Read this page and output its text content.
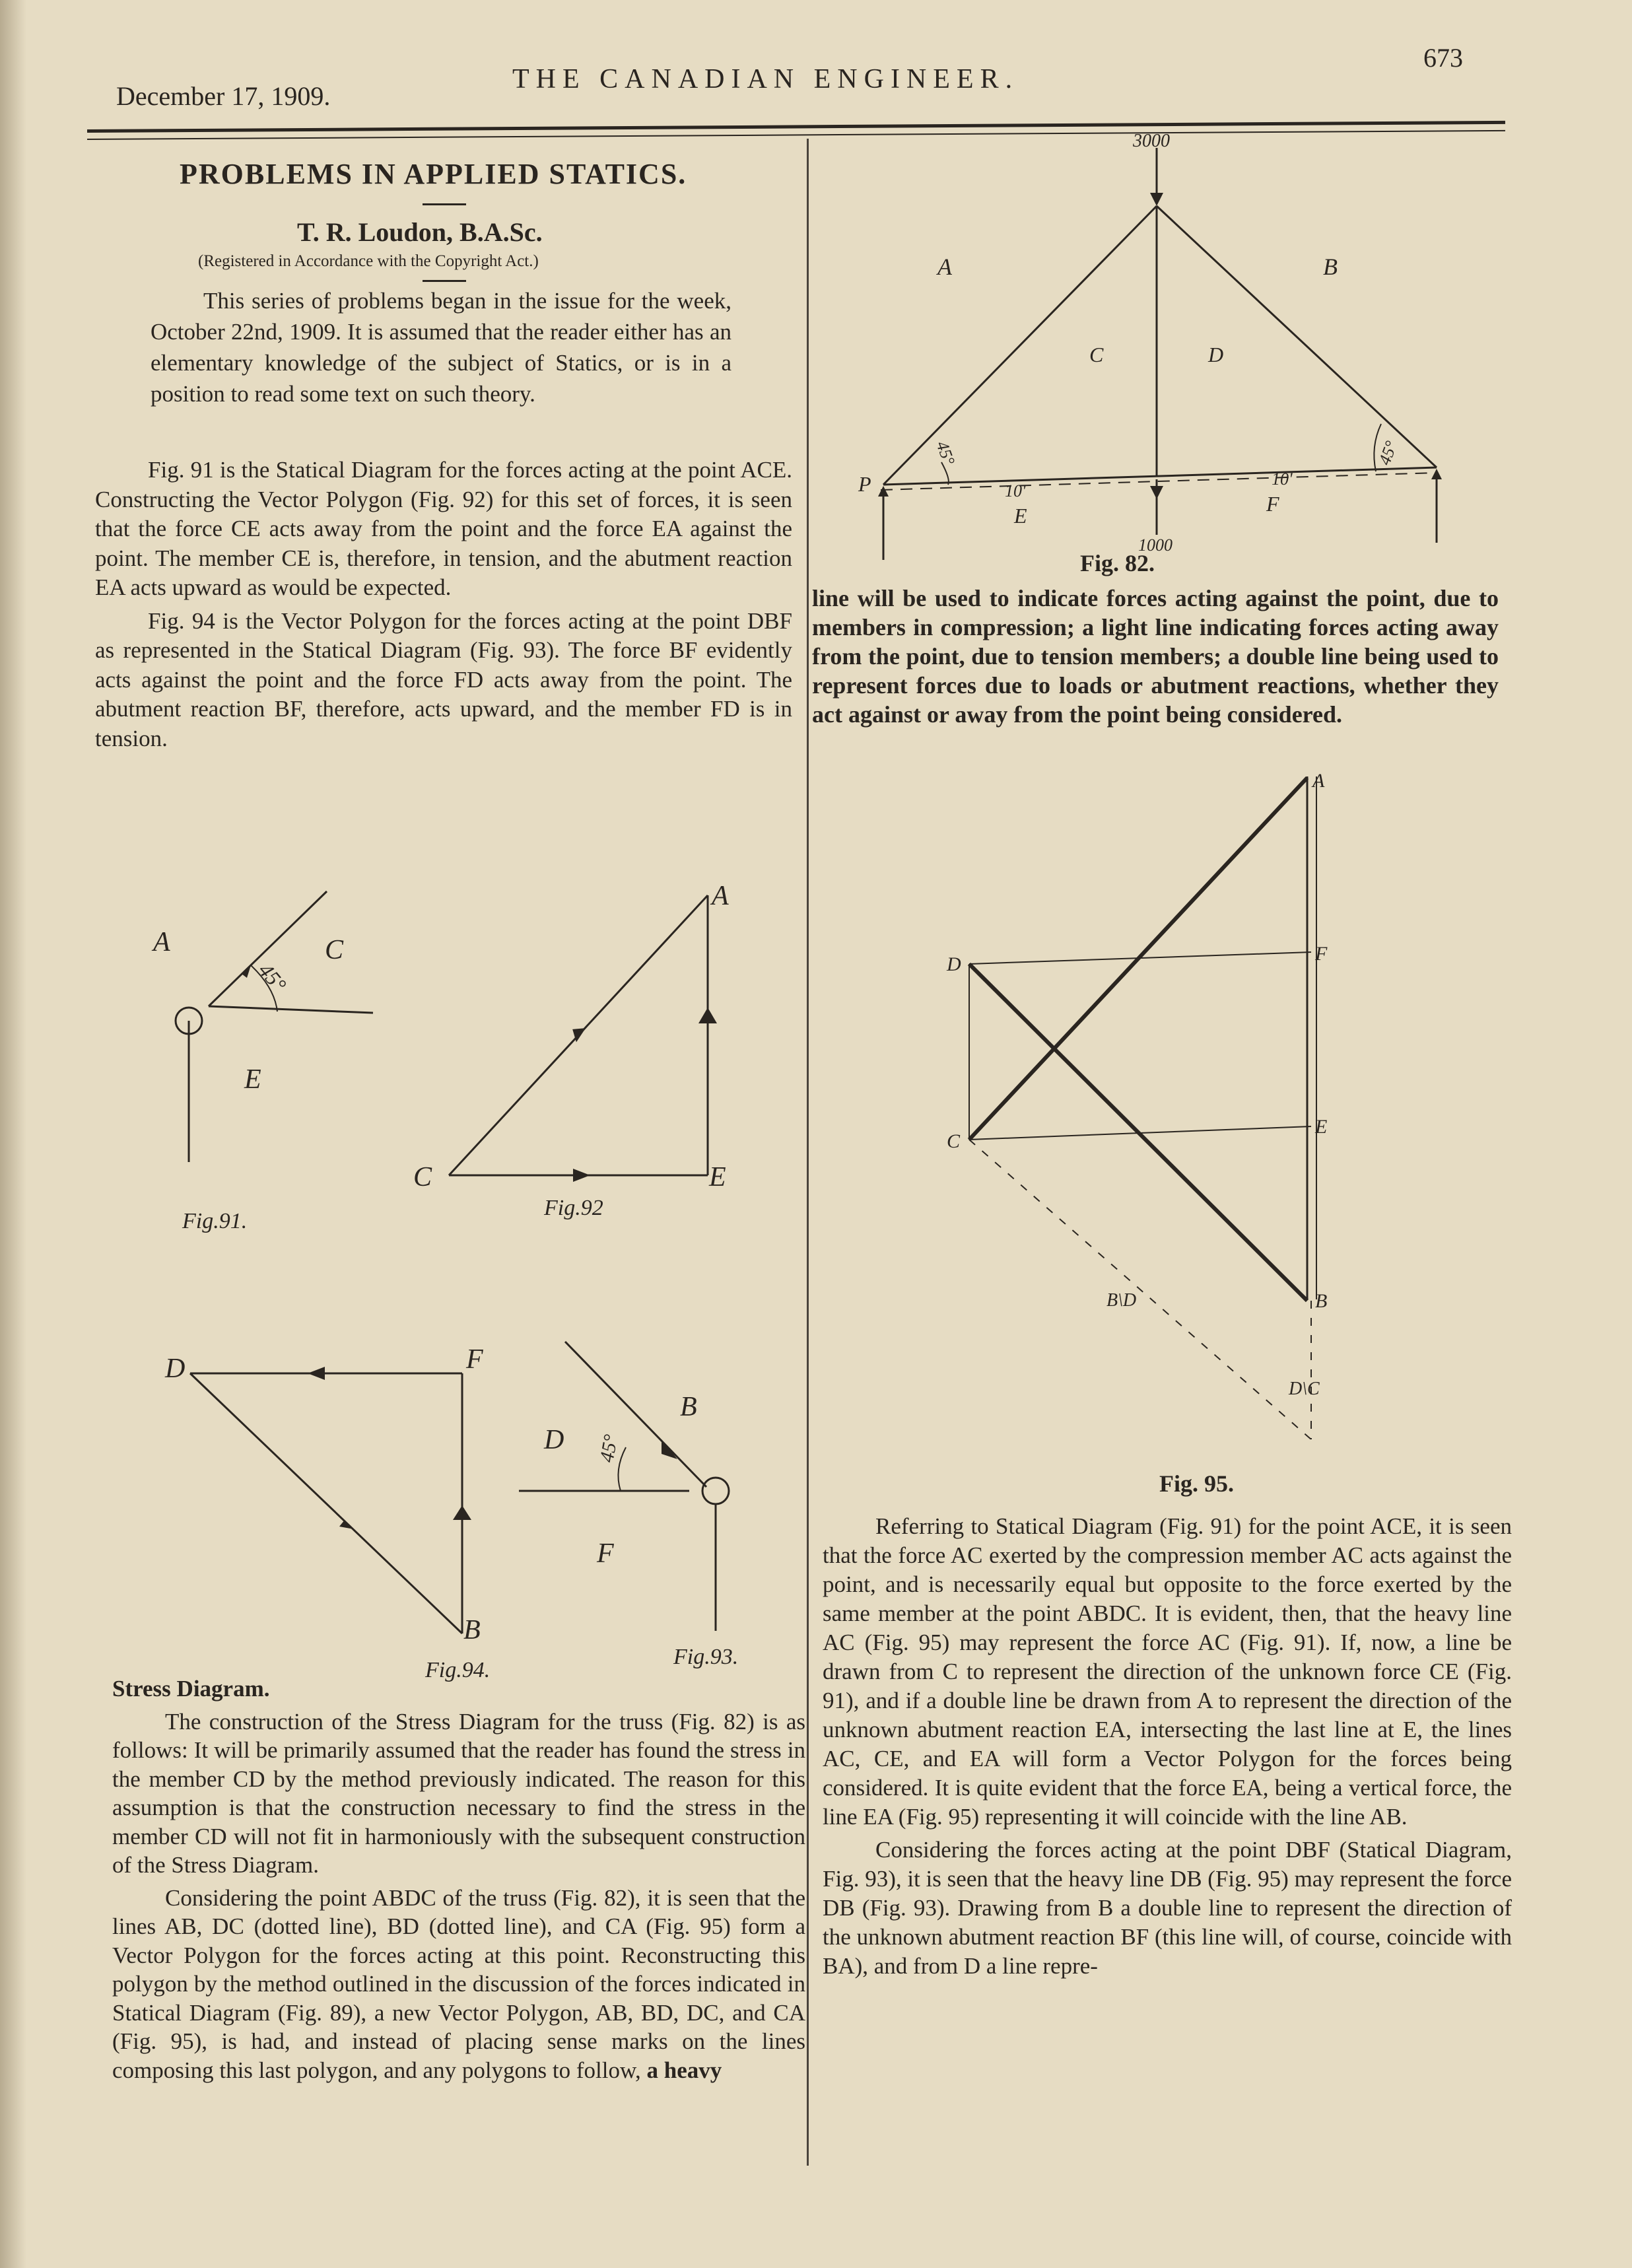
December 17, 1909.
THE CANADIAN ENGINEER.
673
PROBLEMS IN APPLIED STATICS.
T. R. Loudon, B.A.Sc.
(Registered in Accordance with the Copyright Act.)

This series of problems began in the issue for the week, October 22nd, 1909. It is assumed that the reader either has an elementary knowledge of the subject of Statics, or is in a position to read some text on such theory.

Fig. 91 is the Statical Diagram for the forces acting at the point ACE. Constructing the Vector Polygon (Fig. 92) for this set of forces, it is seen that the force CE acts away from the point and the force EA against the point. The member CE is, therefore, in tension, and the abutment reaction EA acts upward as would be expected.

Fig. 94 is the Vector Polygon for the forces acting at the point DBF as represented in the Statical Diagram (Fig. 93). The force BF evidently acts against the point and the force FD acts away from the point. The abutment reaction BF, therefore, acts upward, and the member FD is in tension.

A	C
E
45°
Fig.91.
A
C	E
Fig.92
D	F
B
Fig.94.
B
D
F
45°
Fig.93.

Stress Diagram.

The construction of the Stress Diagram for the truss (Fig. 82) is as follows: It will be primarily assumed that the reader has found the stress in the member CD by the method previously indicated. The reason for this assumption is that the construction necessary to find the stress in the member CD will not fit in harmoniously with the subsequent construction of the Stress Diagram.

Considering the point ABDC of the truss (Fig. 82), it is seen that the lines AB, DC (dotted line), BD (dotted line), and CA (Fig. 95) form a Vector Polygon for the forces acting at this point. Reconstructing this polygon by the method outlined in the discussion of the forces indicated in Statical Diagram (Fig. 89), a new Vector Polygon, AB, BD, DC, and CA (Fig. 95), is had, and instead of placing sense marks on the lines composing this last polygon, and any polygons to follow, a heavy

3000
A	B
C	D
P
E	F
10'
10'
45°	45°
1000
Fig. 82.

line will be used to indicate forces acting against the point, due to members in compression; a light line indicating forces acting away from the point, due to tension members; a double line being used to represent forces due to loads or abutment reactions, whether they act against or away from the point being considered.

A
F
D
E
C
B
B\D
D\C
Fig. 95.

Referring to Statical Diagram (Fig. 91) for the point ACE, it is seen that the force AC exerted by the compression member AC acts against the point, and is necessarily equal but opposite to the force exerted by the same member at the point ABDC. It is evident, then, that the heavy line AC (Fig. 95) may represent the force AC (Fig. 91). If, now, a line be drawn from C to represent the direction of the unknown force CE (Fig. 91), and if a double line be drawn from A to represent the direction of the unknown abutment reaction EA, intersecting the last line at E, the lines AC, CE, and EA will form a Vector Polygon for the forces being considered. It is quite evident that the force EA, being a vertical force, the line EA (Fig. 95) representing it will coincide with the line AB.

Considering the forces acting at the point DBF (Statical Diagram, Fig. 93), it is seen that the heavy line DB (Fig. 95) may represent the force DB (Fig. 93). Drawing from B a double line to represent the direction of the unknown abutment reaction BF (this line will, of course, coincide with BA), and from D a line repre-
